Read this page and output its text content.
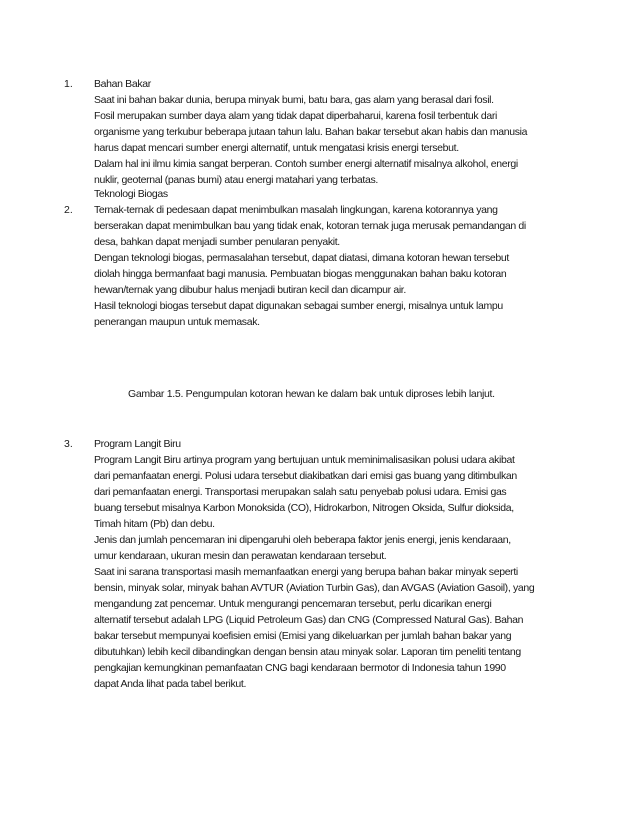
1. Bahan Bakar
Saat ini bahan bakar dunia, berupa minyak bumi, batu bara, gas alam yang berasal dari fosil.
Fosil merupakan sumber daya alam yang tidak dapat diperbaharui, karena fosil terbentuk dari
organisme yang terkubur beberapa jutaan tahun lalu. Bahan bakar tersebut akan habis dan manusia
harus dapat mencari sumber energi alternatif, untuk mengatasi krisis energi tersebut.
Dalam hal ini ilmu kimia sangat berperan. Contoh sumber energi alternatif misalnya alkohol, energi
nuklir, geoternal (panas bumi) atau energi matahari yang terbatas.
Teknologi Biogas

2. Ternak-ternak di pedesaan dapat menimbulkan masalah lingkungan, karena kotorannya yang
berserakan dapat menimbulkan bau yang tidak enak, kotoran ternak juga merusak pemandangan di
desa, bahkan dapat menjadi sumber penularan penyakit.
Dengan teknologi biogas, permasalahan tersebut, dapat diatasi, dimana kotoran hewan tersebut
diolah hingga bermanfaat bagi manusia. Pembuatan biogas menggunakan bahan baku kotoran
hewan/ternak yang dibubur halus menjadi butiran kecil dan dicampur air.
Hasil teknologi biogas tersebut dapat digunakan sebagai sumber energi, misalnya untuk lampu
penerangan maupun untuk memasak.
Gambar 1.5. Pengumpulan kotoran hewan ke dalam bak untuk diproses lebih lanjut.

3. Program Langit Biru
Program Langit Biru artinya program yang bertujuan untuk meminimalisasikan polusi udara akibat
dari pemanfaatan energi. Polusi udara tersebut diakibatkan dari emisi gas buang yang ditimbulkan
dari pemanfaatan energi. Transportasi merupakan salah satu penyebab polusi udara. Emisi gas
buang tersebut misalnya Karbon Monoksida (CO), Hidrokarbon, Nitrogen Oksida, Sulfur dioksida,
Timah hitam (Pb) dan debu.
Jenis dan jumlah pencemaran ini dipengaruhi oleh beberapa faktor jenis energi, jenis kendaraan,
umur kendaraan, ukuran mesin dan perawatan kendaraan tersebut.
Saat ini sarana transportasi masih memanfaatkan energi yang berupa bahan bakar minyak seperti
bensin, minyak solar, minyak bahan AVTUR (Aviation Turbin Gas), dan AVGAS (Aviation Gasoil), yang
mengandung zat pencemar. Untuk mengurangi pencemaran tersebut, perlu dicarikan energi
alternatif tersebut adalah LPG (Liquid Petroleum Gas) dan CNG (Compressed Natural Gas). Bahan
bakar tersebut mempunyai koefisien emisi (Emisi yang dikeluarkan per jumlah bahan bakar yang
dibutuhkan) lebih kecil dibandingkan dengan bensin atau minyak solar. Laporan tim peneliti tentang
pengkajian kemungkinan pemanfaatan CNG bagi kendaraan bermotor di Indonesia tahun 1990
dapat Anda lihat pada tabel berikut.
